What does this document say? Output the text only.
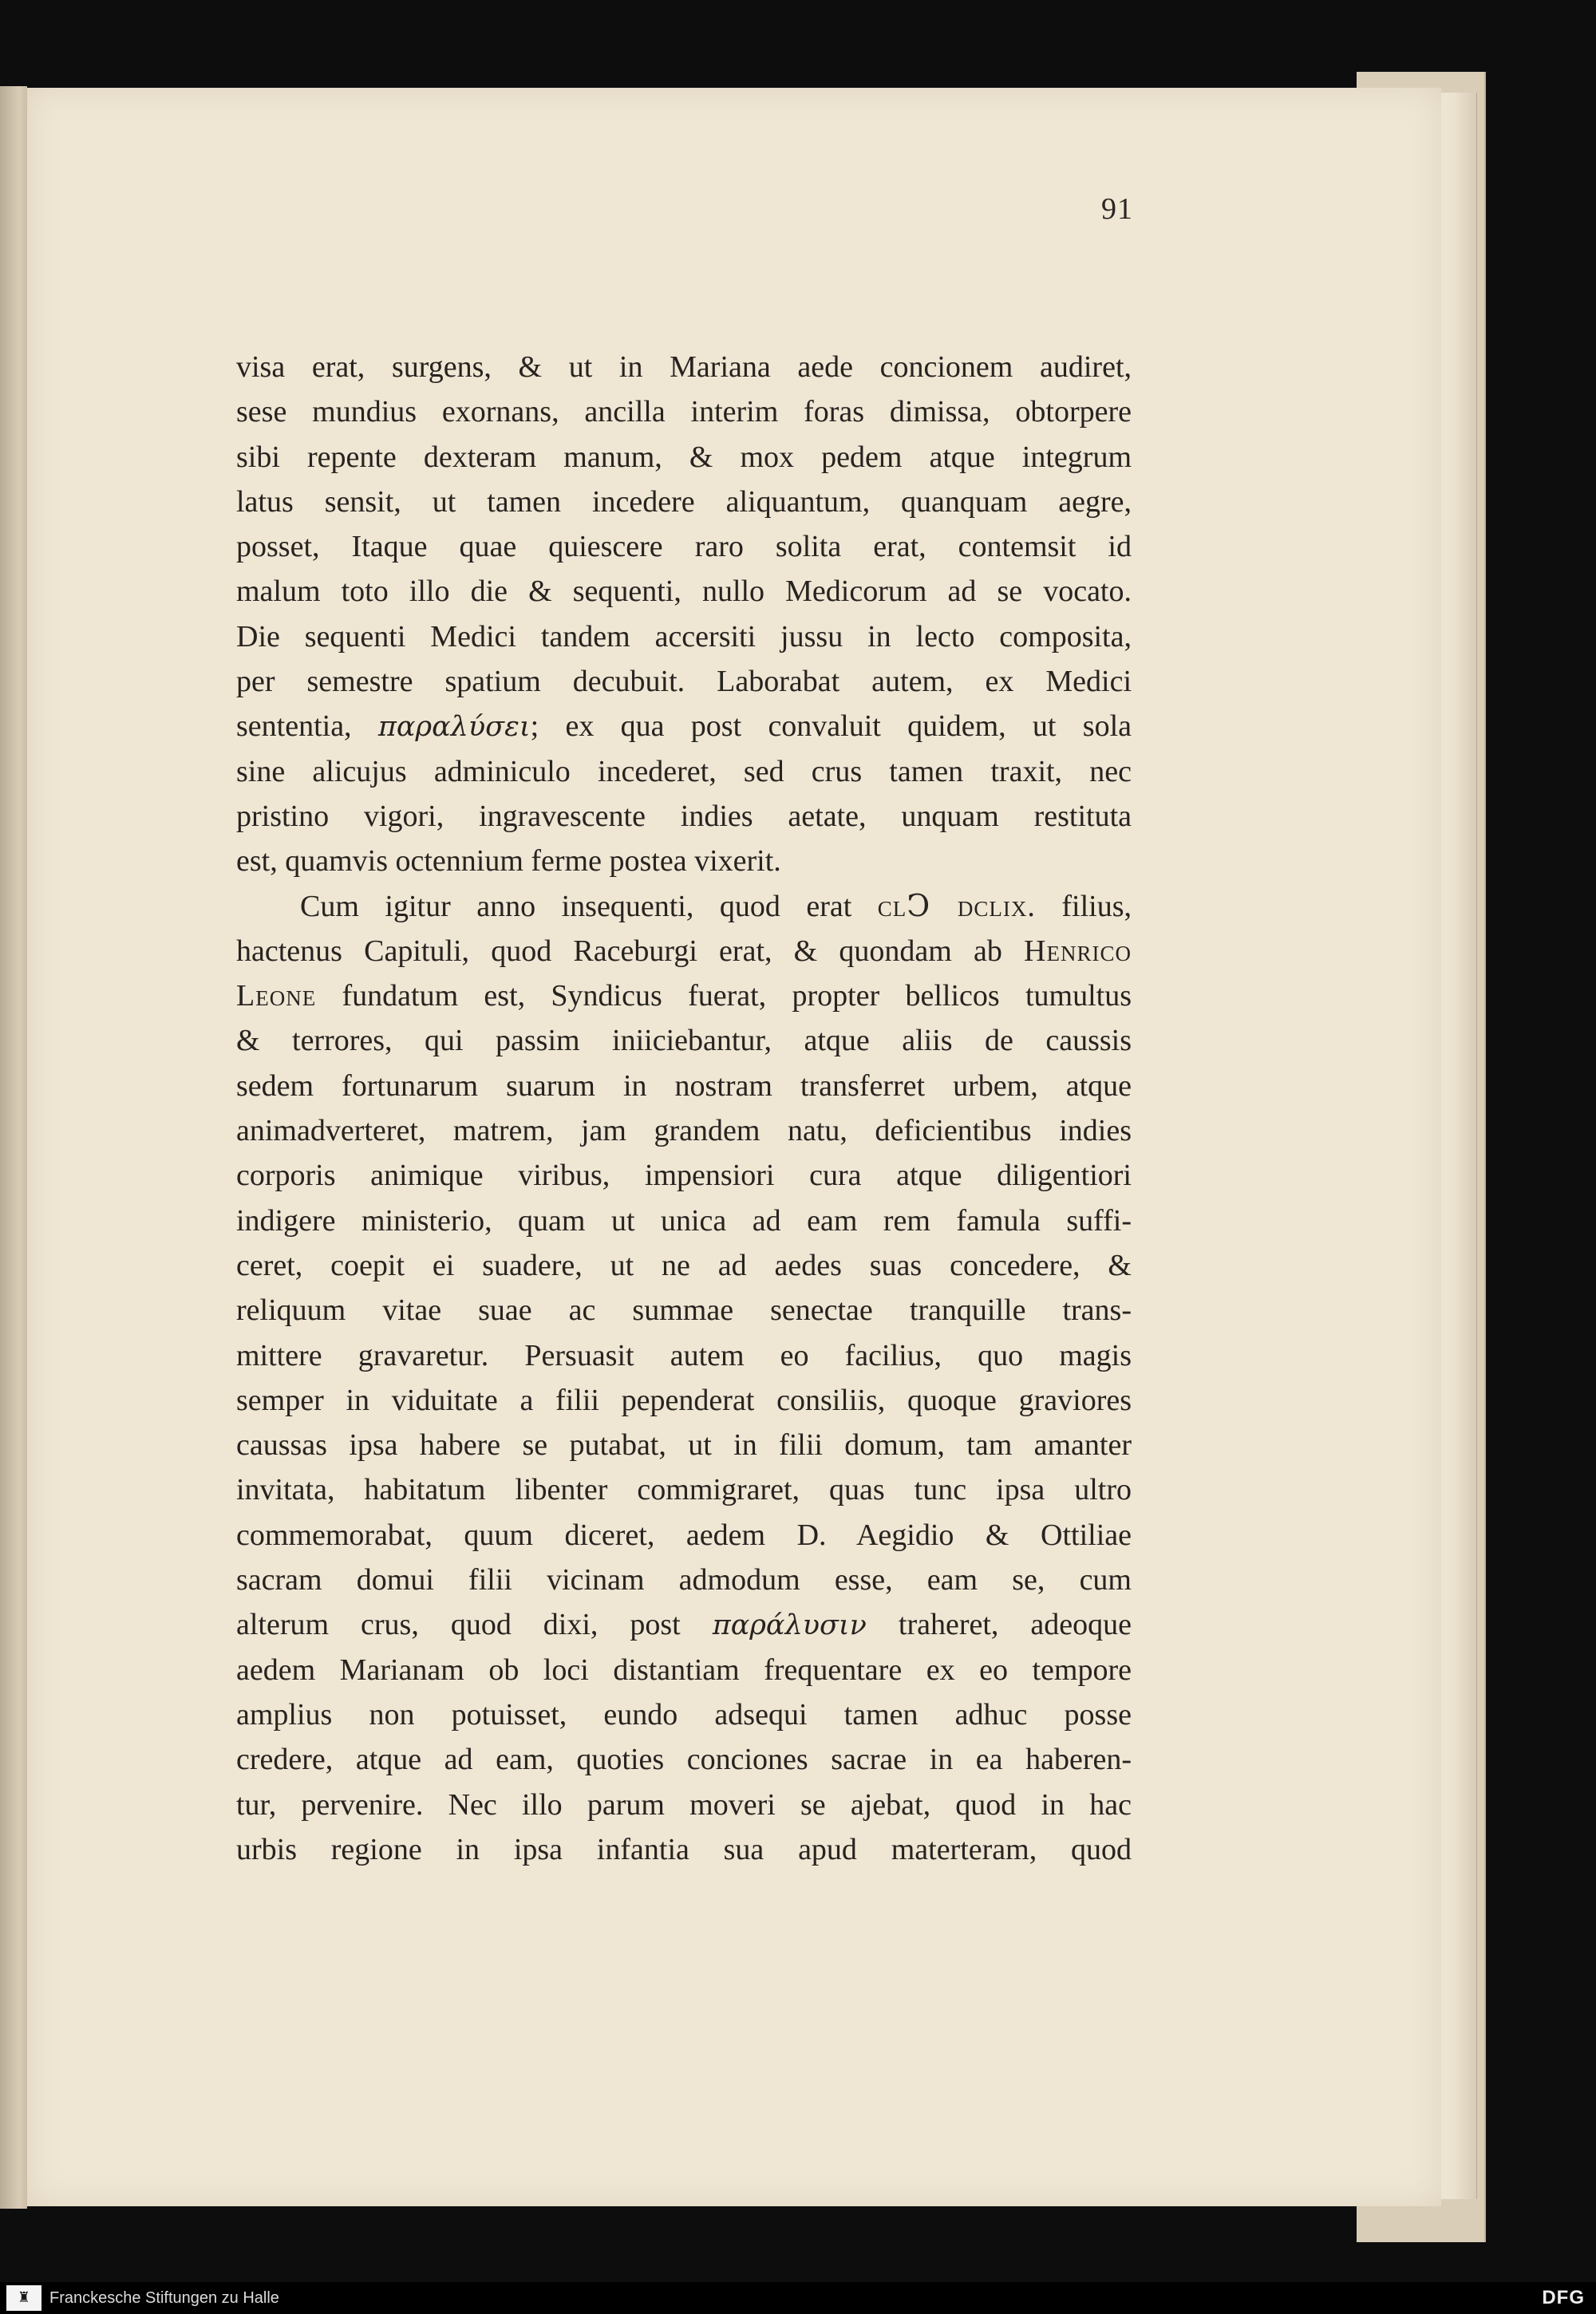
91
visa erat, surgens, & ut in Mariana aede concionem audiret,
sese mundius exornans, ancilla interim foras dimissa, obtorpere
sibi repente dexteram manum, & mox pedem atque integrum
latus sensit, ut tamen incedere aliquantum, quanquam aegre,
posset, Itaque quae quiescere raro solita erat, contemsit id
malum toto illo die & sequenti, nullo Medicorum ad se vocato.
Die sequenti Medici tandem accersiti jussu in lecto composita,
per semestre spatium decubuit. Laborabat autem, ex Medici
sententia, παραλύσει; ex qua post convaluit quidem, ut sola
sine alicujus adminiculo incederet, sed crus tamen traxit, nec
pristino vigori, ingravescente indies aetate, unquam restituta
est, quamvis octennium ferme postea vixerit.
Cum igitur anno insequenti, quod erat clↃ dclix. filius,
hactenus Capituli, quod Raceburgi erat, & quondam ab Henrico
Leone fundatum est, Syndicus fuerat, propter bellicos tumultus
& terrores, qui passim iniiciebantur, atque aliis de caussis
sedem fortunarum suarum in nostram transferret urbem, atque
animadverteret, matrem, jam grandem natu, deficientibus indies
corporis animique viribus, impensiori cura atque diligentiori
indigere ministerio, quam ut unica ad eam rem famula suffi-
ceret, coepit ei suadere, ut ne ad aedes suas concedere, &
reliquum vitae suae ac summae senectae tranquille trans-
mittere gravaretur. Persuasit autem eo facilius, quo magis
semper in viduitate a filii pependerat consiliis, quoque graviores
caussas ipsa habere se putabat, ut in filii domum, tam amanter
invitata, habitatum libenter commigraret, quas tunc ipsa ultro
commemorabat, quum diceret, aedem D. Aegidio & Ottiliae
sacram domui filii vicinam admodum esse, eam se, cum
alterum crus, quod dixi, post παράλυσιν traheret, adeoque
aedem Marianam ob loci distantiam frequentare ex eo tempore
amplius non potuisset, eundo adsequi tamen adhuc posse
credere, atque ad eam, quoties conciones sacrae in ea haberen-
tur, pervenire. Nec illo parum moveri se ajebat, quod in hac
urbis regione in ipsa infantia sua apud materteram, quod
♜	Franckesche Stiftungen zu Halle	DFG
